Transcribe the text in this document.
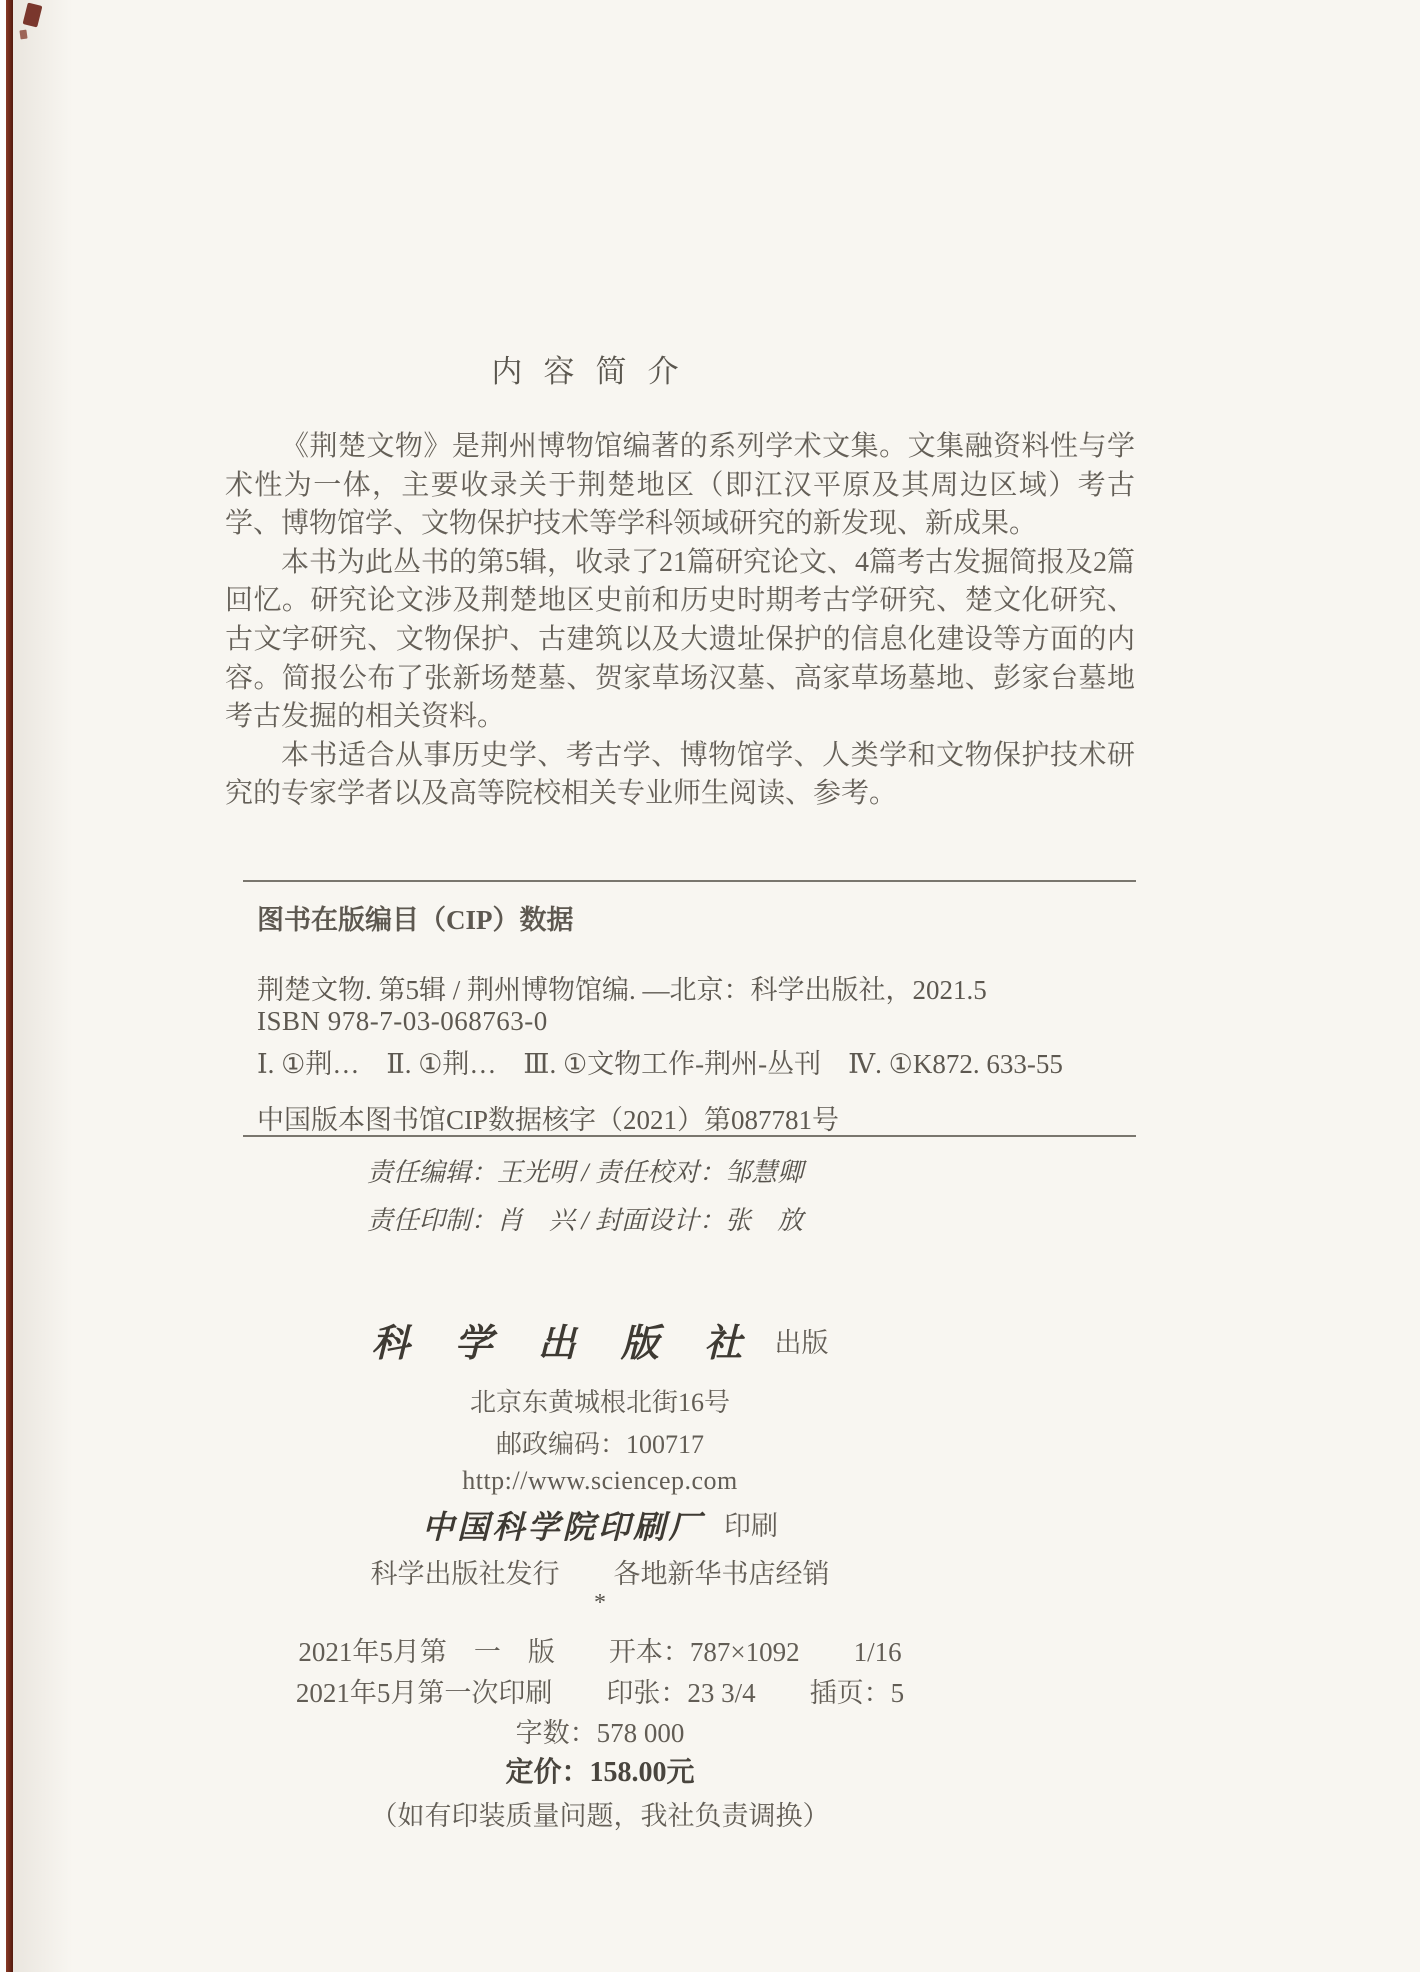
内容简介

《荆楚文物》是荆州博物馆编著的系列学术文集。文集融资料性与学术性为一体，主要收录关于荆楚地区（即江汉平原及其周边区域）考古学、博物馆学、文物保护技术等学科领域研究的新发现、新成果。

本书为此丛书的第5辑，收录了21篇研究论文、4篇考古发掘简报及2篇回忆。研究论文涉及荆楚地区史前和历史时期考古学研究、楚文化研究、古文字研究、文物保护、古建筑以及大遗址保护的信息化建设等方面的内容。简报公布了张新场楚墓、贺家草场汉墓、高家草场墓地、彭家台墓地考古发掘的相关资料。

本书适合从事历史学、考古学、博物馆学、人类学和文物保护技术研究的专家学者以及高等院校相关专业师生阅读、参考。

图书在版编目（CIP）数据
荆楚文物. 第5辑 / 荆州博物馆编. —北京：科学出版社，2021.5
ISBN 978-7-03-068763-0
Ⅰ. ①荆…　Ⅱ. ①荆…　Ⅲ. ①文物工作-荆州-丛刊　Ⅳ. ①K872. 633-55
中国版本图书馆CIP数据核字（2021）第087781号
责任编辑：王光明 / 责任校对：邹慧卿
责任印制：肖　兴 / 封面设计：张　放
科 学 出 版 社 出版
北京东黄城根北街16号
邮政编码：100717
http://www.sciencep.com
中国科学院印刷厂 印刷
科学出版社发行　　各地新华书店经销
*
2021年5月第　一　版　　开本：787×1092　　1/16
2021年5月第一次印刷　　印张：23 3/4　　插页：5
字数：578 000
定价：158.00元
（如有印装质量问题，我社负责调换）
